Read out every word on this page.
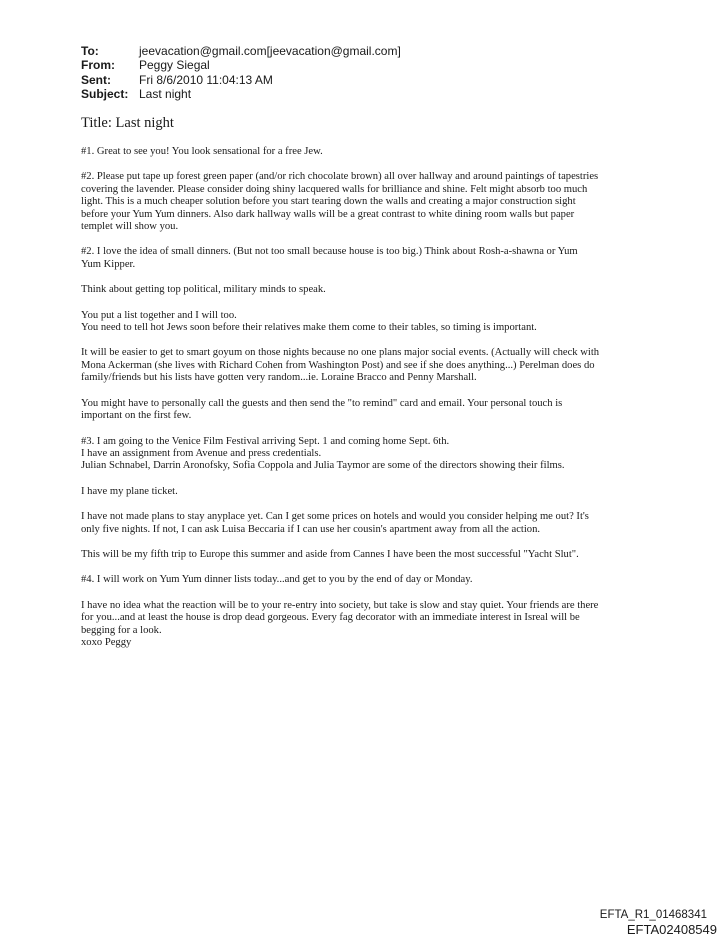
To:	jeevacation@gmail.com[jeevacation@gmail.com]
From:	Peggy Siegal
Sent:	Fri 8/6/2010 11:04:13 AM
Subject: Last night
Title: Last night

#1. Great to see you! You look sensational for a free Jew.

#2. Please put tape up forest green paper (and/or rich chocolate brown) all over hallway and around paintings of tapestries
covering the lavender. Please consider doing shiny lacquered walls for brilliance and shine. Felt might absorb too much
light. This is a much cheaper solution before you start tearing down the walls and creating a major construction sight
before your Yum Yum dinners. Also dark hallway walls will be a great contrast to white dining room walls but paper
templet will show you.

#2. I love the idea of small dinners. (But not too small because house is too big.) Think about Rosh-a-shawna or Yum
Yum Kipper.

Think about getting top political, military minds to speak.

You put a list together and I will too.
You need to tell hot Jews soon before their relatives make them come to their tables, so timing is important.

It will be easier to get to smart goyum on those nights because no one plans major social events. (Actually will check with
Mona Ackerman (she lives with Richard Cohen from Washington Post) and see if she does anything...) Perelman does do
family/friends but his lists have gotten very random...ie. Loraine Bracco and Penny Marshall.

You might have to personally call the guests and then send the "to remind" card and email. Your personal touch is
important on the first few.

#3. I am going to the Venice Film Festival arriving Sept. 1 and coming home Sept. 6th.
I have an assignment from Avenue and press credentials.
Julian Schnabel, Darrin Aronofsky, Sofia Coppola and Julia Taymor are some of the directors showing their films.

I have my plane ticket.

I have not made plans to stay anyplace yet. Can I get some prices on hotels and would you consider helping me out? It's
only five nights. If not, I can ask Luisa Beccaria if I can use her cousin's apartment away from all the action.

This will be my fifth trip to Europe this summer and aside from Cannes I have been the most successful "Yacht Slut".

#4. I will work on Yum Yum dinner lists today...and get to you by the end of day or Monday.

I have no idea what the reaction will be to your re-entry into society, but take is slow and stay quiet. Your friends are there
for you...and at least the house is drop dead gorgeous. Every fag decorator with an immediate interest in Isreal will be
begging for a look.
xoxo Peggy

EFTA_R1_01468341
EFTA02408549
